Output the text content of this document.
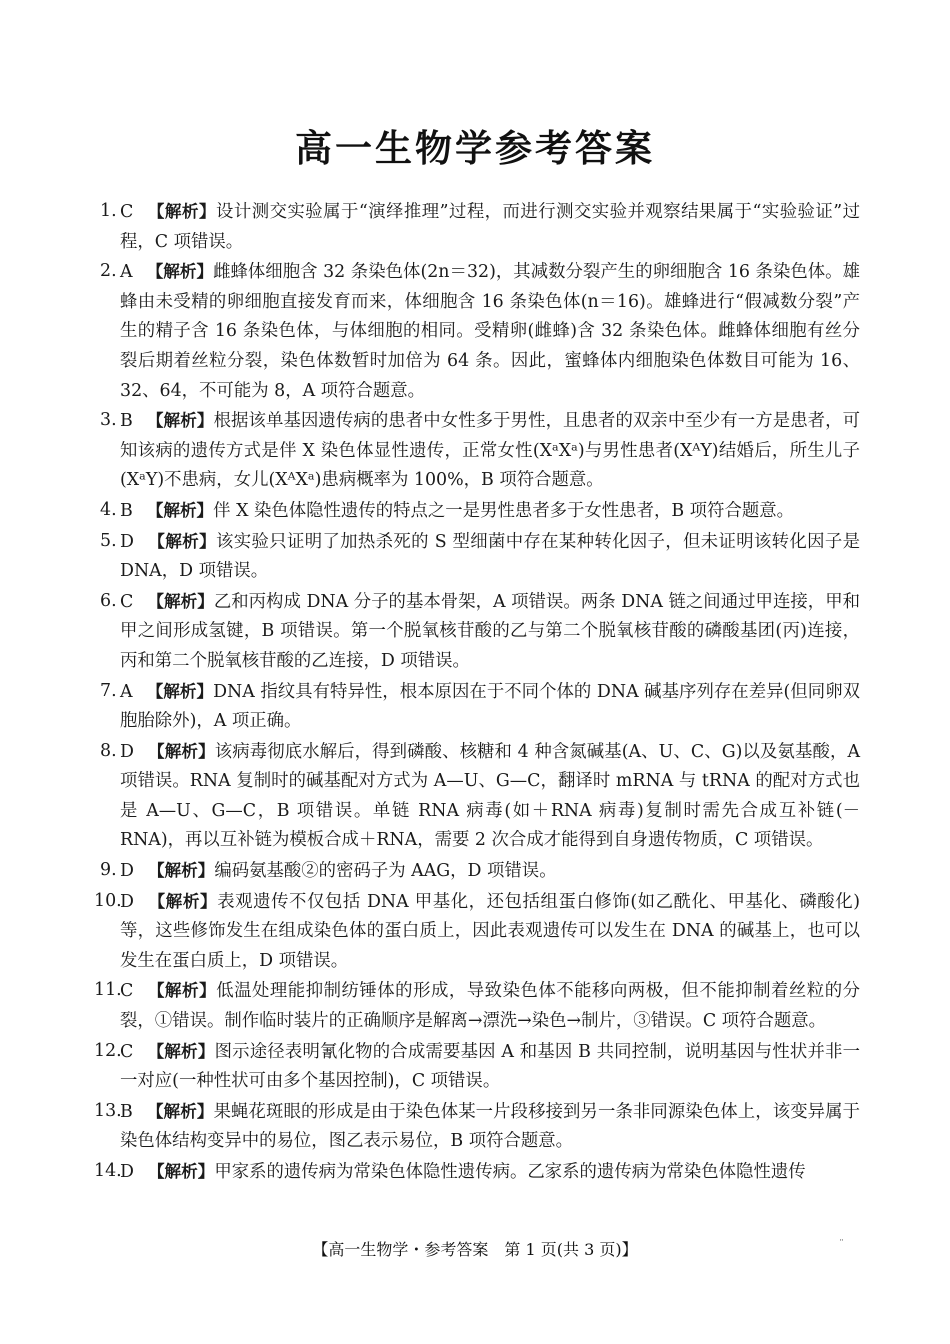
高一生物学参考答案
1. C 【解析】设计测交实验属于“演绎推理”过程，而进行测交实验并观察结果属于“实验验证”过程，C 项错误。
2. A 【解析】雌蜂体细胞含 32 条染色体(2n＝32)，其减数分裂产生的卵细胞含 16 条染色体。雄蜂由未受精的卵细胞直接发育而来，体细胞含 16 条染色体(n＝16)。雄蜂进行“假减数分裂”产生的精子含 16 条染色体，与体细胞的相同。受精卵(雌蜂)含 32 条染色体。雌蜂体细胞有丝分裂后期着丝粒分裂，染色体数暂时加倍为 64 条。因此，蜜蜂体内细胞染色体数目可能为 16、32、64，不可能为 8，A 项符合题意。
3. B 【解析】根据该单基因遗传病的患者中女性多于男性，且患者的双亲中至少有一方是患者，可知该病的遗传方式是伴 X 染色体显性遗传，正常女性(XᵃXᵃ)与男性患者(XᴬY)结婚后，所生儿子(XᵃY)不患病，女儿(XᴬXᵃ)患病概率为 100%，B 项符合题意。
4. B 【解析】伴 X 染色体隐性遗传的特点之一是男性患者多于女性患者，B 项符合题意。
5. D 【解析】该实验只证明了加热杀死的 S 型细菌中存在某种转化因子，但未证明该转化因子是 DNA，D 项错误。
6. C 【解析】乙和丙构成 DNA 分子的基本骨架，A 项错误。两条 DNA 链之间通过甲连接，甲和甲之间形成氢键，B 项错误。第一个脱氧核苷酸的乙与第二个脱氧核苷酸的磷酸基团(丙)连接，丙和第二个脱氧核苷酸的乙连接，D 项错误。
7. A 【解析】DNA 指纹具有特异性，根本原因在于不同个体的 DNA 碱基序列存在差异(但同卵双胞胎除外)，A 项正确。
8. D 【解析】该病毒彻底水解后，得到磷酸、核糖和 4 种含氮碱基(A、U、C、G)以及氨基酸，A 项错误。RNA 复制时的碱基配对方式为 A—U、G—C，翻译时 mRNA 与 tRNA 的配对方式也是 A—U、G—C，B 项错误。单链 RNA 病毒(如＋RNA 病毒)复制时需先合成互补链(－RNA)，再以互补链为模板合成＋RNA，需要 2 次合成才能得到自身遗传物质，C 项错误。
9. D 【解析】编码氨基酸②的密码子为 AAG，D 项错误。
10.
D 【解析】表观遗传不仅包括 DNA 甲基化，还包括组蛋白修饰(如乙酰化、甲基化、磷酸化)等，这些修饰发生在组成染色体的蛋白质上，因此表观遗传可以发生在 DNA 的碱基上，也可以发生在蛋白质上，D 项错误。
11.
C 【解析】低温处理能抑制纺锤体的形成，导致染色体不能移向两极，但不能抑制着丝粒的分裂，①错误。制作临时装片的正确顺序是解离→漂洗→染色→制片，③错误。C 项符合题意。
12.
C 【解析】图示途径表明氰化物的合成需要基因 A 和基因 B 共同控制，说明基因与性状并非一一对应(一种性状可由多个基因控制)，C 项错误。
13.
B 【解析】果蝇花斑眼的形成是由于染色体某一片段移接到另一条非同源染色体上，该变异属于染色体结构变异中的易位，图乙表示易位，B 项符合题意。
14.
D 【解析】甲家系的遗传病为常染色体隐性遗传病。乙家系的遗传病为常染色体隐性遗传
【高一生物学・参考答案　第 1 页(共 3 页)】	¨
